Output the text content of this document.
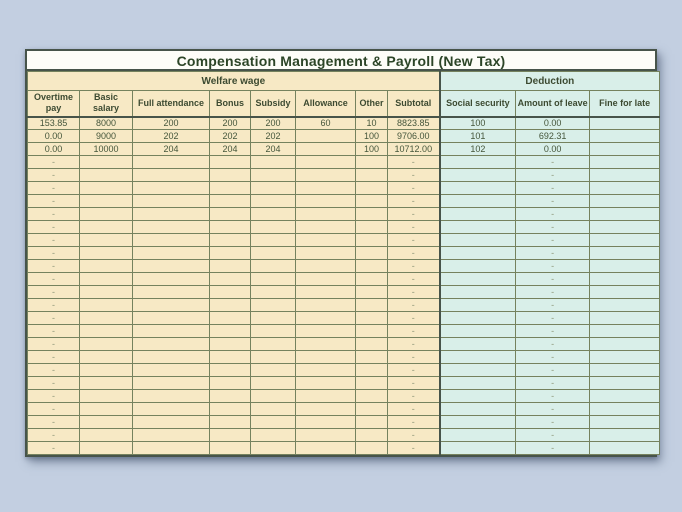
Compensation Management & Payroll (New Tax)
Welfare wage								Deduction		
Overtime pay	Basic salary	Full attendance	Bonus	Subsidy	Allowance	Other	Subtotal	Social security	Amount of leave	Fine for late
153.85	8000	200	200	200	60	10	8823.85	100	0.00	
0.00	9000	202	202	202		100	9706.00	101	692.31	
0.00	10000	204	204	204		100	10712.00	102	0.00	
-							-		-	
-							-		-	
-							-		-	
-							-		-	
-							-		-	
-							-		-	
-							-		-	
-							-		-	
-							-		-	
-							-		-	
-							-		-	
-							-		-	
-							-		-	
-							-		-	
-							-		-	
-							-		-	
-							-		-	
-							-		-	
-							-		-	
-							-		-	
-							-		-	
-							-		-	
-							-		-	
